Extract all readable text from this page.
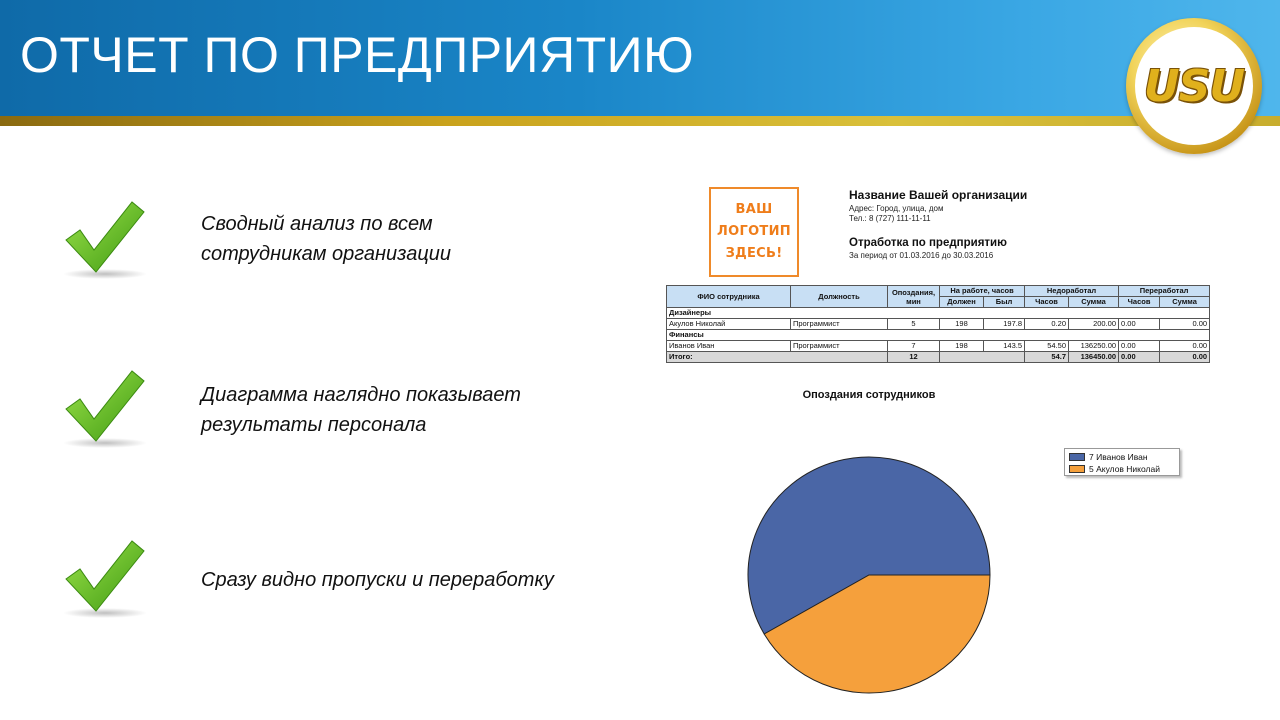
ОТЧЕТ ПО ПРЕДПРИЯТИЮ
USU
Сводный анализ по всем
сотрудникам организации
Диаграмма наглядно показывает
результаты персонала
Сразу видно пропуски и переработку
ВАШ
ЛОГОТИП
ЗДЕСЬ!
Название Вашей организации
Адрес: Город, улица, дом
Тел.: 8 (727) 111-11-11
Отработка по предприятию
За период от 01.03.2016 до 30.03.2016
ФИО сотрудника	Должность	Опоздания, мин	На работе, часов		Недоработал		Переработал	
			Должен	Был	Часов	Сумма	Часов	Сумма
Дизайнеры								
Акулов Николай	Программист	5	198	197.8	0.20	200.00	0.00	0.00
Финансы								
Иванов Иван	Программист	7	198	143.5	54.50	136250.00	0.00	0.00
Итого:		12			54.7	136450.00	0.00	0.00
Опоздания сотрудников
7 Иванов Иван
5 Акулов Николай
